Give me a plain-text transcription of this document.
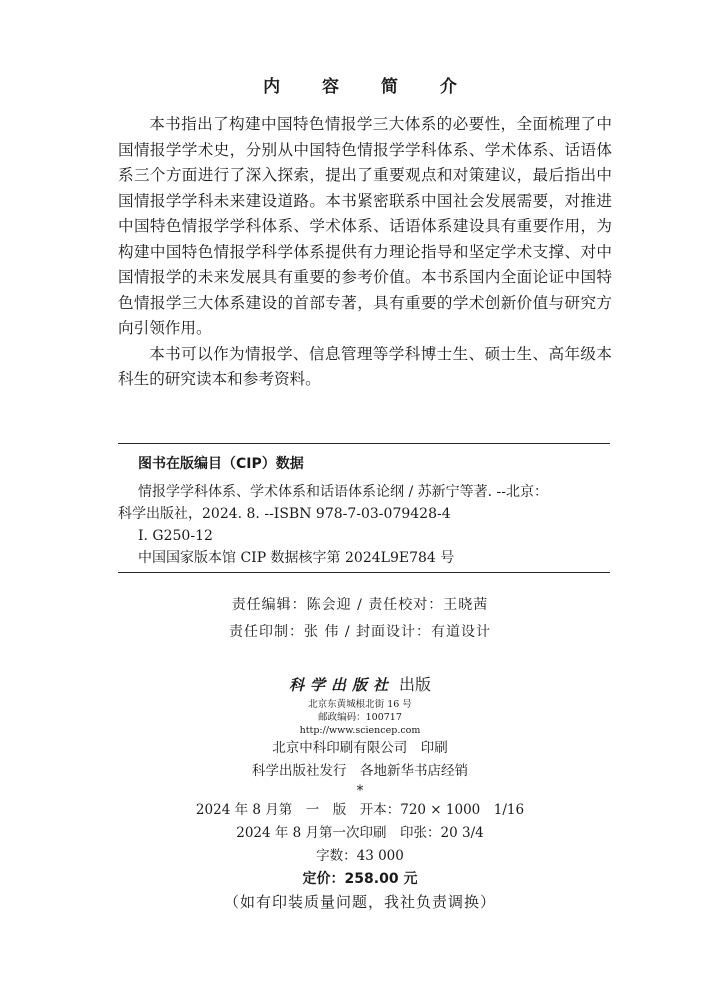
内 容 简 介

本书指出了构建中国特色情报学三大体系的必要性，全面梳理了中国情报学学术史，分别从中国特色情报学学科体系、学术体系、话语体系三个方面进行了深入探索，提出了重要观点和对策建议，最后指出中国情报学学科未来建设道路。本书紧密联系中国社会发展需要，对推进中国特色情报学学科体系、学术体系、话语体系建设具有重要作用，为构建中国特色情报学科学体系提供有力理论指导和坚定学术支撑、对中国情报学的未来发展具有重要的参考价值。本书系国内全面论证中国特色情报学三大体系建设的首部专著，具有重要的学术创新价值与研究方向引领作用。

本书可以作为情报学、信息管理等学科博士生、硕士生、高年级本科生的研究读本和参考资料。

图书在版编目（CIP）数据

情报学学科体系、学术体系和话语体系论纲 / 苏新宁等著. --北京：

科学出版社，2024. 8. --ISBN 978-7-03-079428-4

Ⅰ. G250-12

中国国家版本馆 CIP 数据核字第 2024L9E784 号

责任编辑：陈会迎 / 责任校对：王晓茜
责任印制：张 伟 / 封面设计：有道设计
科学出版社 出版
北京东黄城根北街 16 号
邮政编码：100717
http://www.sciencep.com
北京中科印刷有限公司　印刷
科学出版社发行　各地新华书店经销
*
2024 年 8 月第　一　版　开本：720 × 1000　1/16
2024 年 8 月第一次印刷　印张：20 3/4
字数：43 000
定价：258.00 元
（如有印装质量问题，我社负责调换）
